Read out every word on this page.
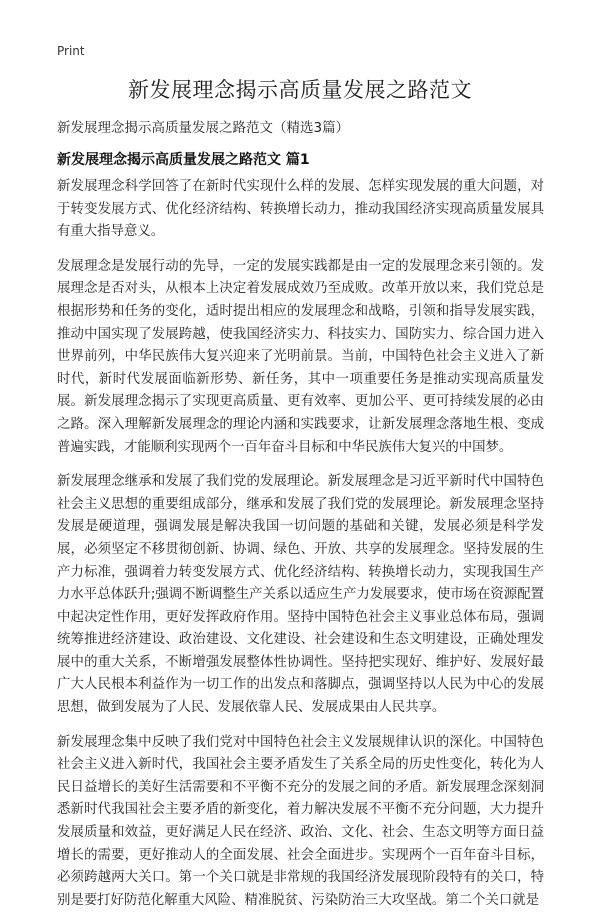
Print
新发展理念揭示高质量发展之路范文
新发展理念揭示高质量发展之路范文（精选3篇）
新发展理念揭示高质量发展之路范文 篇1

新发展理念科学回答了在新时代实现什么样的发展、怎样实现发展的重大问题，对于转变发展方式、优化经济结构、转换增长动力，推动我国经济实现高质量发展具有重大指导意义。

发展理念是发展行动的先导，一定的发展实践都是由一定的发展理念来引领的。发展理念是否对头，从根本上决定着发展成效乃至成败。改革开放以来，我们党总是根据形势和任务的变化，适时提出相应的发展理念和战略，引领和指导发展实践，推动中国实现了发展跨越，使我国经济实力、科技实力、国防实力、综合国力进入世界前列，中华民族伟大复兴迎来了光明前景。当前，中国特色社会主义进入了新时代，新时代发展面临新形势、新任务，其中一项重要任务是推动实现高质量发展。新发展理念揭示了实现更高质量、更有效率、更加公平、更可持续发展的必由之路。深入理解新发展理念的理论内涵和实践要求，让新发展理念落地生根、变成普遍实践，才能顺利实现两个一百年奋斗目标和中华民族伟大复兴的中国梦。

新发展理念继承和发展了我们党的发展理论。新发展理念是习近平新时代中国特色社会主义思想的重要组成部分，继承和发展了我们党的发展理论。新发展理念坚持发展是硬道理，强调发展是解决我国一切问题的基础和关键，发展必须是科学发展，必须坚定不移贯彻创新、协调、绿色、开放、共享的发展理念。坚持发展的生产力标准，强调着力转变发展方式、优化经济结构、转换增长动力，实现我国生产力水平总体跃升;强调不断调整生产关系以适应生产力发展要求，使市场在资源配置中起决定性作用，更好发挥政府作用。坚持中国特色社会主义事业总体布局，强调统筹推进经济建设、政治建设、文化建设、社会建设和生态文明建设，正确处理发展中的重大关系，不断增强发展整体性协调性。坚持把实现好、维护好、发展好最广大人民根本利益作为一切工作的出发点和落脚点，强调坚持以人民为中心的发展思想，做到发展为了人民、发展依靠人民、发展成果由人民共享。

新发展理念集中反映了我们党对中国特色社会主义发展规律认识的深化。中国特色社会主义进入新时代，我国社会主要矛盾发生了关系全局的历史性变化，转化为人民日益增长的美好生活需要和不平衡不充分的发展之间的矛盾。新发展理念深刻洞悉新时代我国社会主要矛盾的新变化，着力解决发展不平衡不充分问题，大力提升发展质量和效益，更好满足人民在经济、政治、文化、社会、生态文明等方面日益增长的需要，更好推动人的全面发展、社会全面进步。实现两个一百年奋斗目标，必须跨越两大关口。第一个关口就是非常规的我国经济发展现阶段特有的关口，特别是要打好防范化解重大风险、精准脱贫、污染防治三大攻坚战。第二个关口就是
